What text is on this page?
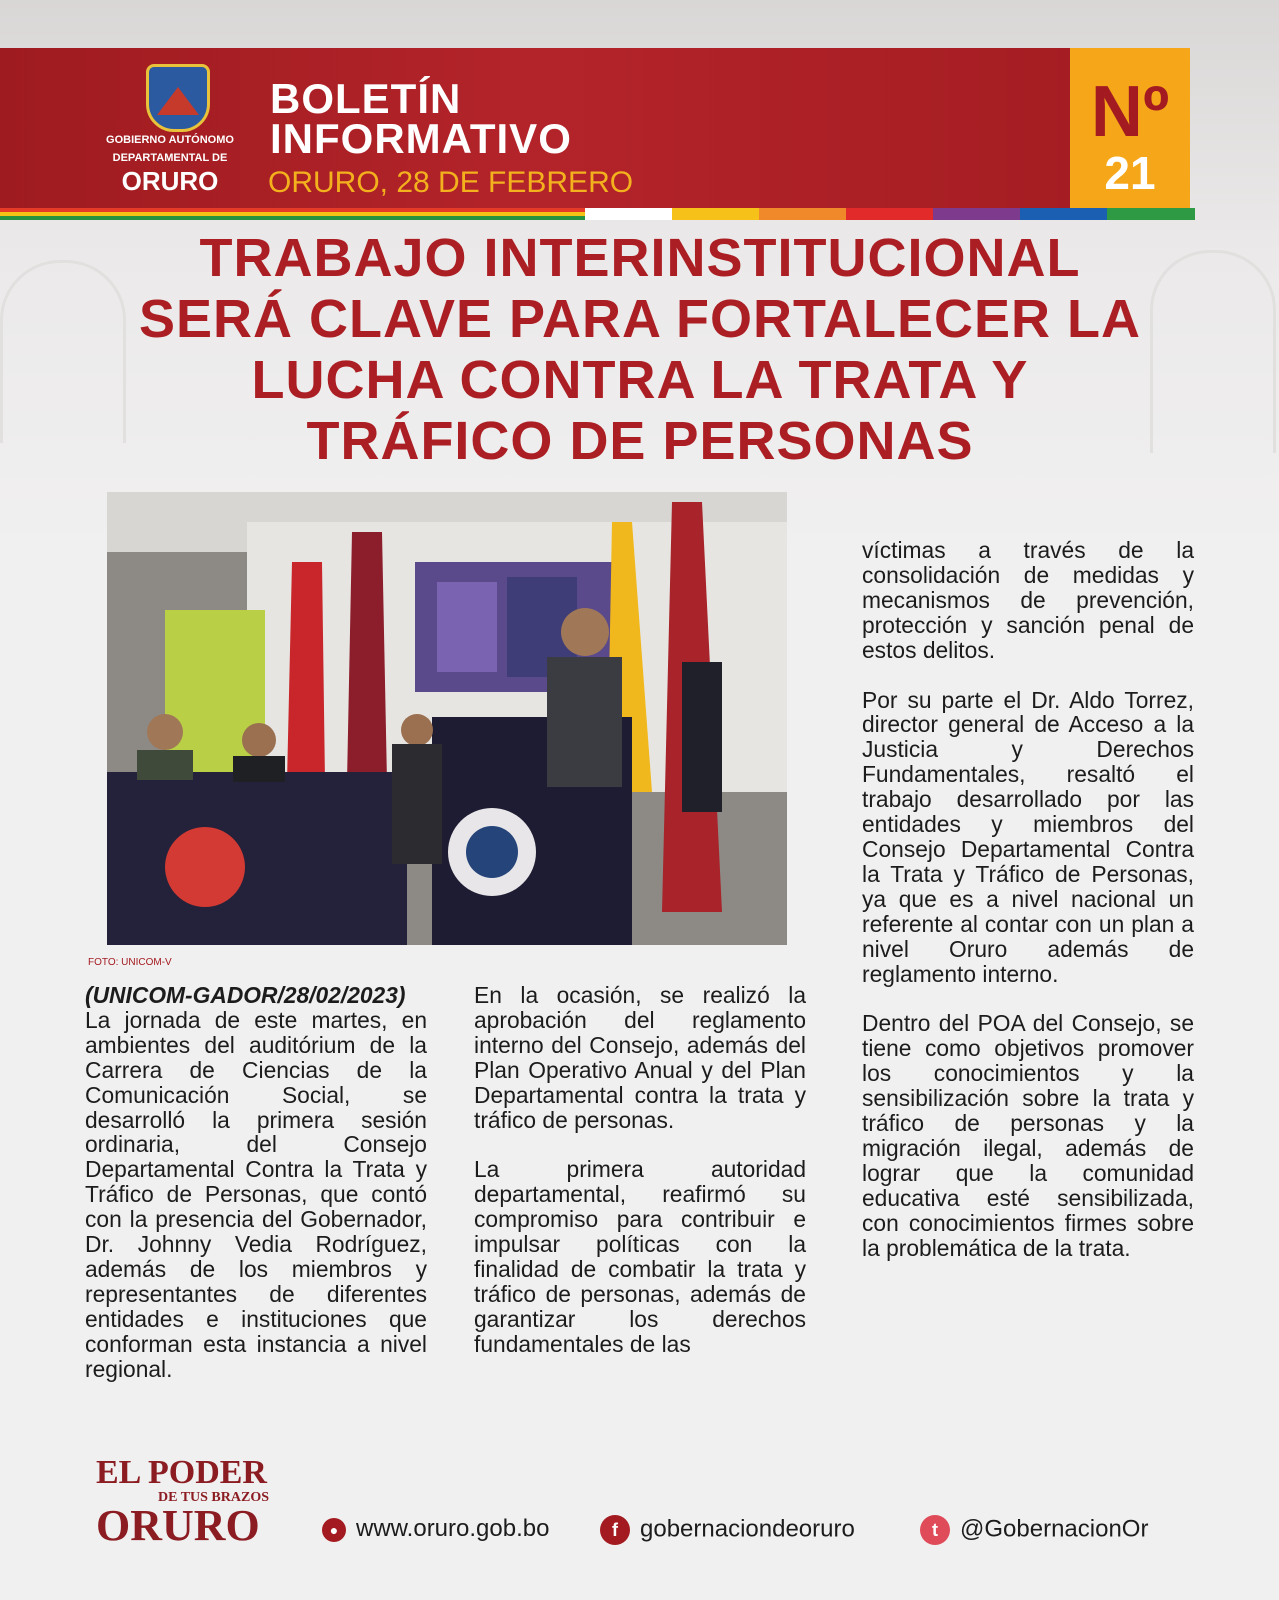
GOBIERNO AUTÓNOMO
DEPARTAMENTAL DE
ORURO
BOLETÍN
INFORMATIVO
ORURO, 28 DE FEBRERO
Nº
21
TRABAJO INTERINSTITUCIONAL
SERÁ CLAVE PARA FORTALECER LA
LUCHA CONTRA LA TRATA Y
TRÁFICO DE PERSONAS
FOTO: UNICOM-V

(UNICOM-GADOR/28/02/2023)
La jornada de este martes, en ambientes del auditórium de la Carrera de Ciencias de la Comunicación Social, se desarrolló la primera sesión ordinaria, del Consejo Departamental Contra la Trata y Tráfico de Personas, que contó con la presencia del Gobernador, Dr. Johnny Vedia Rodríguez, además de los miembros y representantes de diferentes entidades e instituciones que conforman esta instancia a nivel regional.

En la ocasión, se realizó la aprobación del reglamento interno del Consejo, además del Plan Operativo Anual y del Plan Departamental contra la trata y tráfico de personas.

La primera autoridad departamental, reafirmó su compromiso para contribuir e impulsar políticas con la finalidad de combatir la trata y tráfico de personas, además de garantizar los derechos fundamentales de las

víctimas a través de la consolidación de medidas y mecanismos de prevención, protección y sanción penal de estos delitos.

Por su parte el Dr. Aldo Torrez, director general de Acceso a la Justicia y Derechos Fundamentales, resaltó el trabajo desarrollado por las entidades y miembros del Consejo Departamental Contra la Trata y Tráfico de Personas, ya que es a nivel nacional un referente al contar con un plan a nivel Oruro además de reglamento interno.

Dentro del POA del Consejo, se tiene como objetivos promover los conocimientos y la sensibilización sobre la trata y tráfico de personas y la migración ilegal, además de lograr que la comunidad educativa esté sensibilizada, con conocimientos firmes sobre la problemática de la trata.

EL PODER
DE TUS BRAZOS
ORURO	● www.oruro.gob.bo	f gobernaciondeoruro	t @GobernacionOr
